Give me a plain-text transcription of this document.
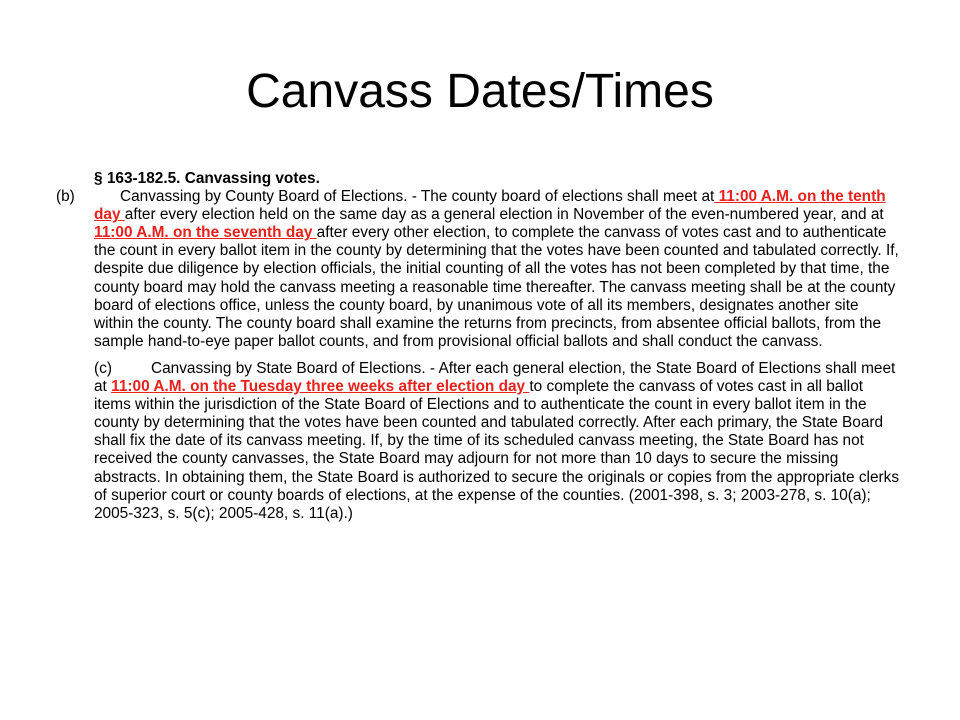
Canvass Dates/Times

§ 163-182.5. Canvassing votes.

(b)	Canvassing by County Board of Elections. - The county board of elections shall meet at 11:00 A.M. on the tenth day after every election held on the same day as a general election in November of the even-numbered year, and at 11:00 A.M. on the seventh day after every other election, to complete the canvass of votes cast and to authenticate the count in every ballot item in the county by determining that the votes have been counted and tabulated correctly. If, despite due diligence by election officials, the initial counting of all the votes has not been completed by that time, the county board may hold the canvass meeting a reasonable time thereafter. The canvass meeting shall be at the county board of elections office, unless the county board, by unanimous vote of all its members, designates another site within the county. The county board shall examine the returns from precincts, from absentee official ballots, from the sample hand-to-eye paper ballot counts, and from provisional official ballots and shall conduct the canvass.

(c)	Canvassing by State Board of Elections. - After each general election, the State Board of Elections shall meet at 11:00 A.M. on the Tuesday three weeks after election day to complete the canvass of votes cast in all ballot items within the jurisdiction of the State Board of Elections and to authenticate the count in every ballot item in the county by determining that the votes have been counted and tabulated correctly. After each primary, the State Board shall fix the date of its canvass meeting. If, by the time of its scheduled canvass meeting, the State Board has not received the county canvasses, the State Board may adjourn for not more than 10 days to secure the missing abstracts. In obtaining them, the State Board is authorized to secure the originals or copies from the appropriate clerks of superior court or county boards of elections, at the expense of the counties. (2001-398, s. 3; 2003-278, s. 10(a); 2005-323, s. 5(c); 2005-428, s. 11(a).)
